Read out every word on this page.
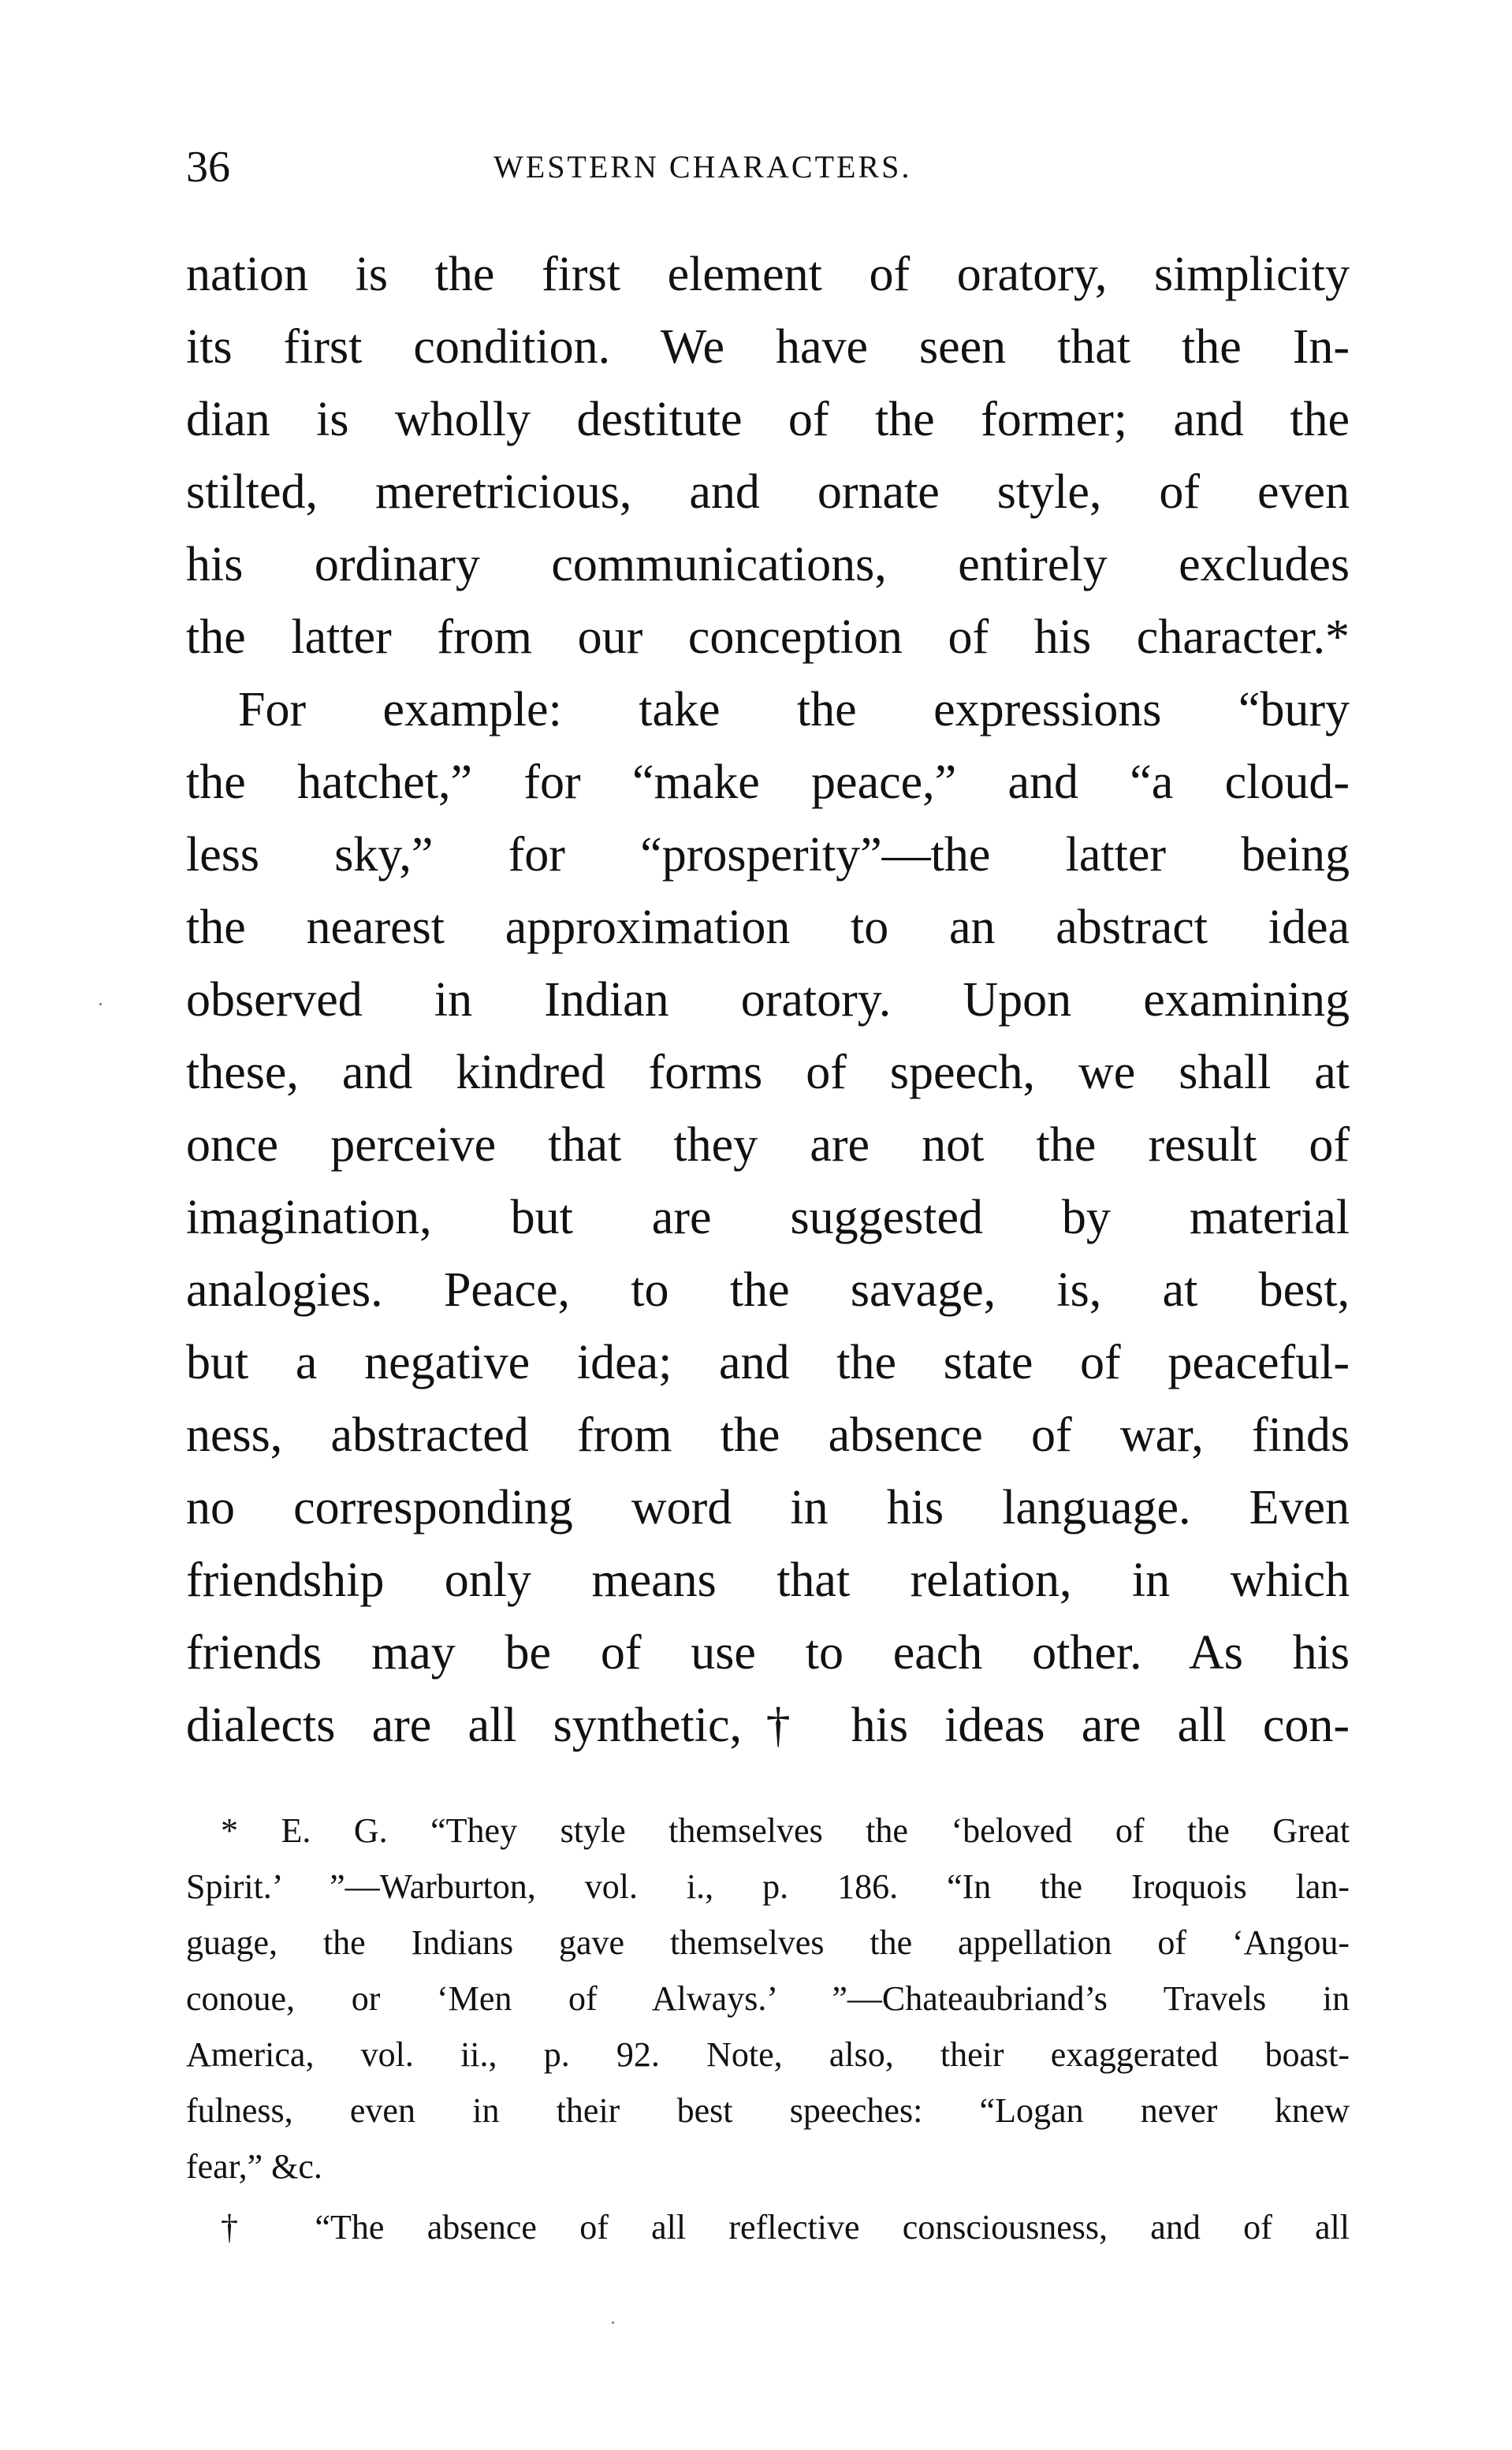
36	WESTERN CHARACTERS.
nation is the first element of oratory, simplicity
its first condition. We have seen that the In-
dian is wholly destitute of the former; and the
stilted, meretricious, and ornate style, of even
his ordinary communications, entirely excludes
the latter from our conception of his character.*
For example: take the expressions “bury
the hatchet,” for “make peace,” and “a cloud-
less sky,” for “prosperity”—the latter being
the nearest approximation to an abstract idea
observed in Indian oratory. Upon examining
these, and kindred forms of speech, we shall at
once perceive that they are not the result of
imagination, but are suggested by material
analogies. Peace, to the savage, is, at best,
but a negative idea; and the state of peaceful-
ness, abstracted from the absence of war, finds
no corresponding word in his language. Even
friendship only means that relation, in which
friends may be of use to each other. As his
dialects are all synthetic,† his ideas are all con-
* E. G. “They style themselves the ‘beloved of the Great
Spirit.’ ”—Warburton, vol. i., p. 186. “In the Iroquois lan-
guage, the Indians gave themselves the appellation of ‘Angou-
conoue, or ‘Men of Always.’ ”—Chateaubriand’s Travels in
America, vol. ii., p. 92. Note, also, their exaggerated boast-
fulness, even in their best speeches: “Logan never knew
fear,” &c.
† “The absence of all reflective consciousness, and of all
